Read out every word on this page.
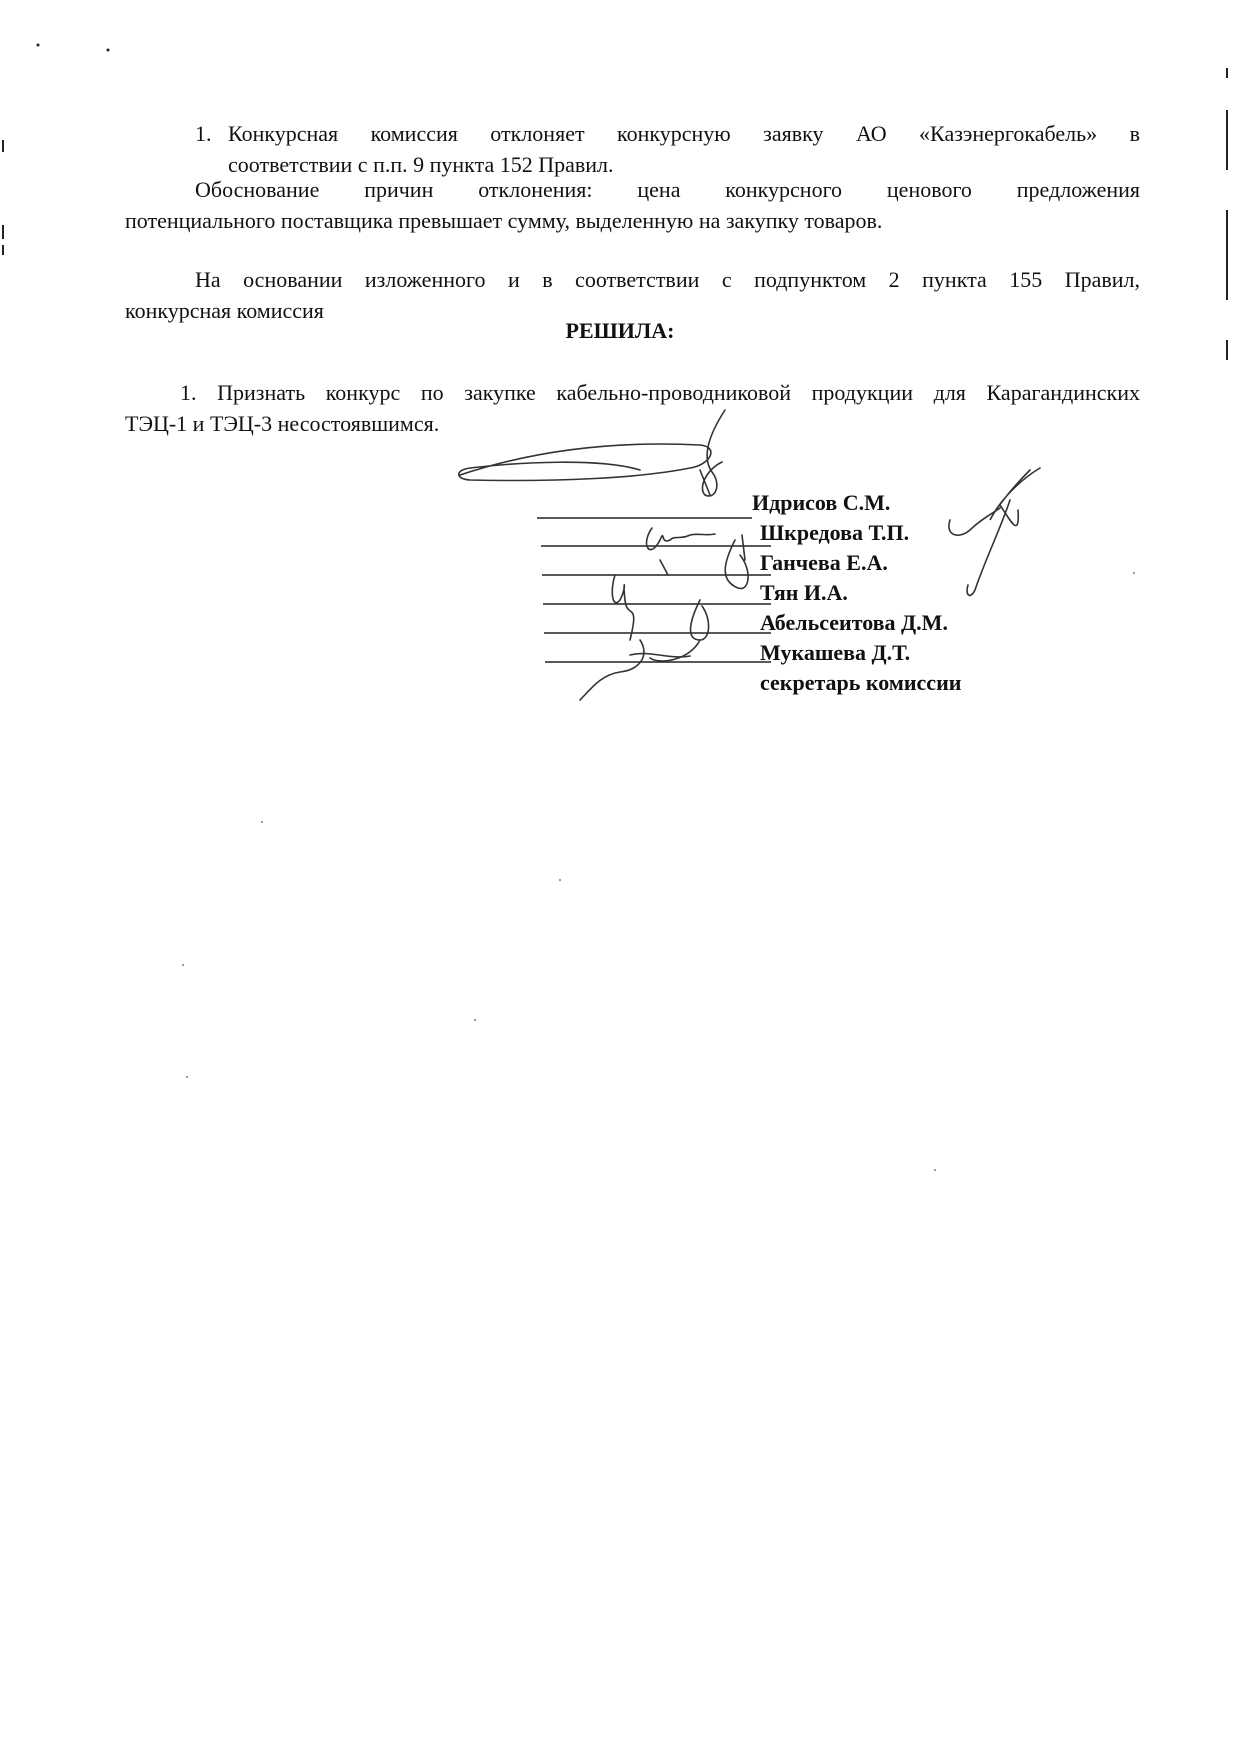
1. Конкурсная комиссия отклоняет конкурсную заявку АО «Казэнергокабель» в
соответствии с п.п. 9 пункта 152 Правил.
Обоснование причин отклонения: цена конкурсного ценового предложения
потенциального поставщика превышает сумму, выделенную на закупку товаров.
На основании изложенного и в соответствии с подпунктом 2 пункта 155 Правил,
конкурсная комиссия
РЕШИЛА:
1. Признать конкурс по закупке кабельно-проводниковой продукции для Карагандинских
ТЭЦ-1 и ТЭЦ-3 несостоявшимся.
Идрисов С.М.
Шкредова Т.П.
Ганчева Е.А.
Тян И.А.
Абельсеитова Д.М.
Мукашева Д.Т.
секретарь комиссии
